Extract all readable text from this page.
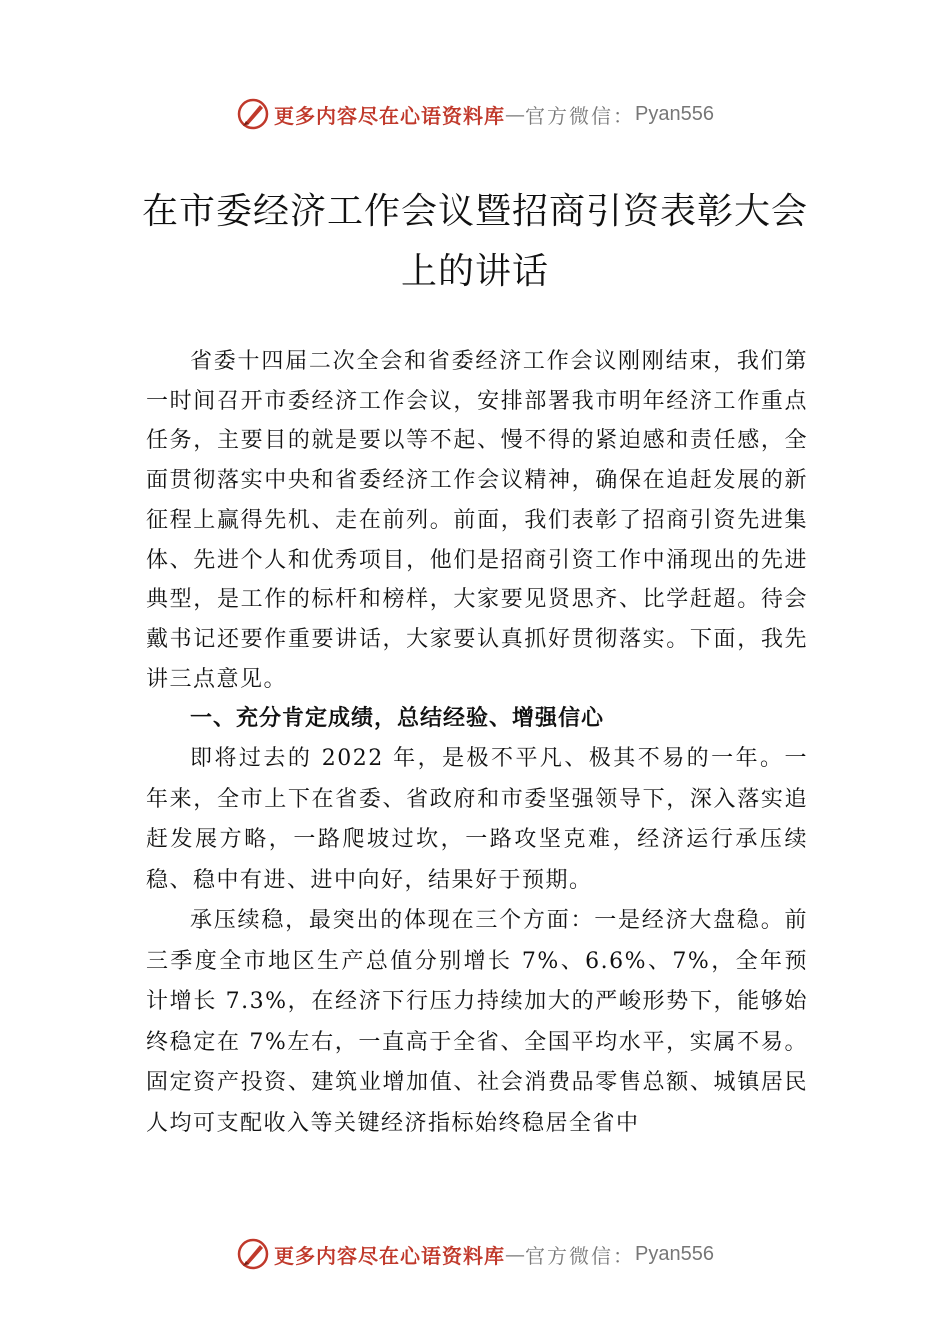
更多内容尽在心语资料库 — 官方微信： Pyan556
在市委经济工作会议暨招商引资表彰大会上的讲话

省委十四届二次全会和省委经济工作会议刚刚结束，我们第一时间召开市委经济工作会议，安排部署我市明年经济工作重点任务，主要目的就是要以等不起、慢不得的紧迫感和责任感，全面贯彻落实中央和省委经济工作会议精神，确保在追赶发展的新征程上赢得先机、走在前列。前面，我们表彰了招商引资先进集体、先进个人和优秀项目，他们是招商引资工作中涌现出的先进典型，是工作的标杆和榜样，大家要见贤思齐、比学赶超。待会戴书记还要作重要讲话，大家要认真抓好贯彻落实。下面，我先讲三点意见。

一、充分肯定成绩，总结经验、增强信心

即将过去的 2022 年，是极不平凡、极其不易的一年。一年来，全市上下在省委、省政府和市委坚强领导下，深入落实追赶发展方略，一路爬坡过坎，一路攻坚克难，经济运行承压续稳、稳中有进、进中向好，结果好于预期。

承压续稳，最突出的体现在三个方面：一是经济大盘稳。前三季度全市地区生产总值分别增长 7%、6.6%、7%，全年预计增长 7.3%，在经济下行压力持续加大的严峻形势下，能够始终稳定在 7%左右，一直高于全省、全国平均水平，实属不易。固定资产投资、建筑业增加值、社会消费品零售总额、城镇居民人均可支配收入等关键经济指标始终稳居全省中

更多内容尽在心语资料库 — 官方微信： Pyan556
